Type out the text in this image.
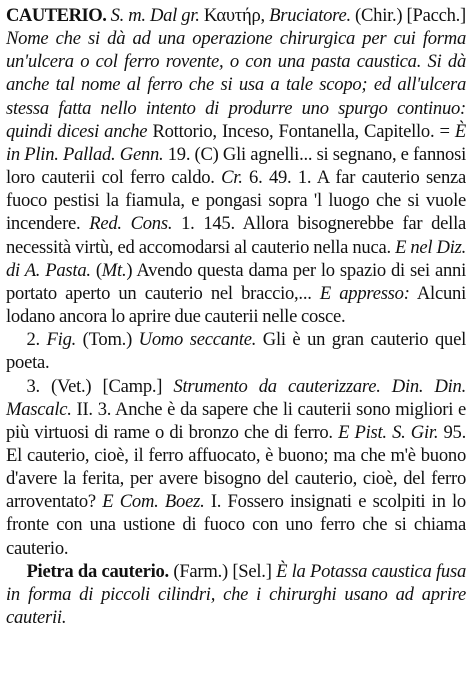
CAUTERIO. S. m. Dal gr. Καυτήρ, Bruciatore. (Chir.) [Pacch.] Nome che si dà ad una operazione chirurgica per cui forma un'ulcera o col ferro rovente, o con una pasta caustica. Si dà anche tal nome al ferro che si usa a tale scopo; ed all'ulcera stessa fatta nello intento di produrre uno spurgo continuo: quindi dicesi anche Rottorio, Inceso, Fontanella, Capitello. = È in Plin. Pallad. Genn. 19. (C) Gli agnelli... si segnano, e fannosi loro cauterii col ferro caldo. Cr. 6. 49. 1. A far cauterio senza fuoco pestisi la fiamula, e pongasi sopra 'l luogo che si vuole incendere. Red. Cons. 1. 145. Allora bisognerebbe far della necessità virtù, ed accomodarsi al cauterio nella nuca. E nel Diz. di A. Pasta. (Mt.) Avendo questa dama per lo spazio di sei anni portato aperto un cauterio nel braccio,... E appresso: Alcuni lodano ancora lo aprire due cauterii nelle cosce.

2. Fig. (Tom.) Uomo seccante. Gli è un gran cauterio quel poeta.

3. (Vet.) [Camp.] Strumento da cauterizzare. Din. Din. Mascalc. II. 3. Anche è da sapere che li cauterii sono migliori e più virtuosi di rame o di bronzo che di ferro. E Pist. S. Gir. 95. El cauterio, cioè, il ferro affuocato, è buono; ma che m'è buono d'avere la ferita, per avere bisogno del cauterio, cioè, del ferro arroventato? E Com. Boez. I. Fossero insignati e scolpiti in lo fronte con una ustione di fuoco con uno ferro che si chiama cauterio.

Pietra da cauterio. (Farm.) [Sel.] È la Potassa caustica fusa in forma di piccoli cilindri, che i chirurghi usano ad aprire cauterii.
